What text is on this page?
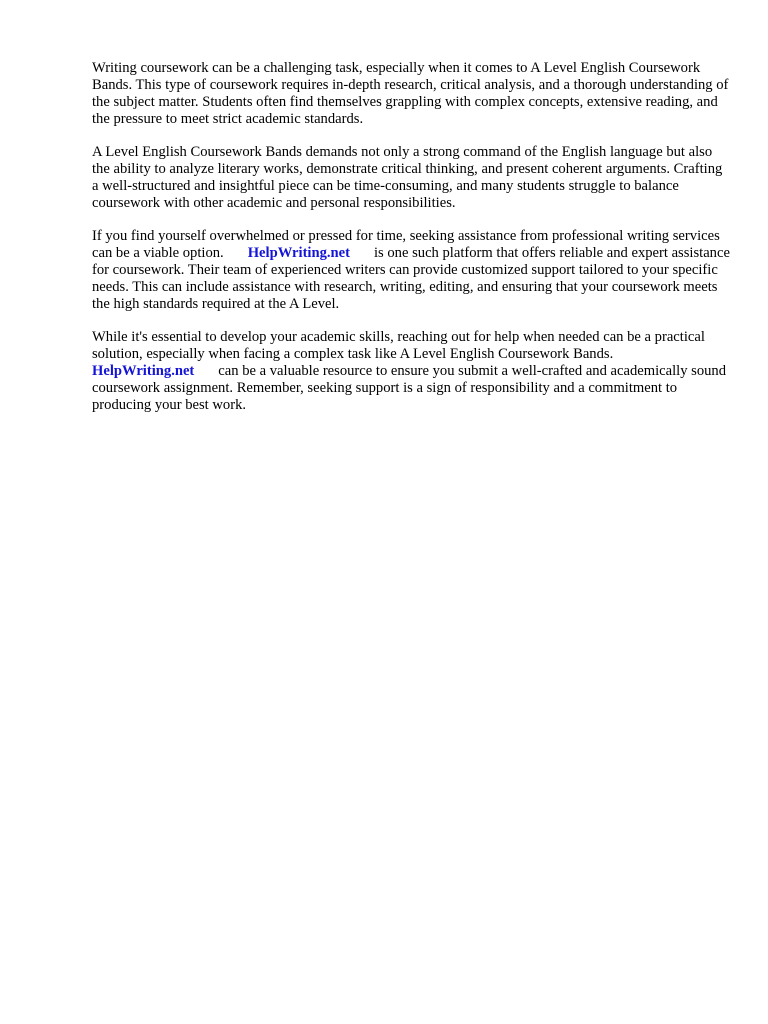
Writing coursework can be a challenging task, especially when it comes to A Level English Coursework Bands. This type of coursework requires in-depth research, critical analysis, and a thorough understanding of the subject matter. Students often find themselves grappling with complex concepts, extensive reading, and the pressure to meet strict academic standards.

A Level English Coursework Bands demands not only a strong command of the English language but also the ability to analyze literary works, demonstrate critical thinking, and present coherent arguments. Crafting a well-structured and insightful piece can be time-consuming, and many students struggle to balance coursework with other academic and personal responsibilities.

If you find yourself overwhelmed or pressed for time, seeking assistance from professional writing services can be a viable option. HelpWriting.net is one such platform that offers reliable and expert assistance for coursework. Their team of experienced writers can provide customized support tailored to your specific needs. This can include assistance with research, writing, editing, and ensuring that your coursework meets the high standards required at the A Level.

While it's essential to develop your academic skills, reaching out for help when needed can be a practical solution, especially when facing a complex task like A Level English Coursework Bands. HelpWriting.net can be a valuable resource to ensure you submit a well-crafted and academically sound coursework assignment. Remember, seeking support is a sign of responsibility and a commitment to producing your best work.
